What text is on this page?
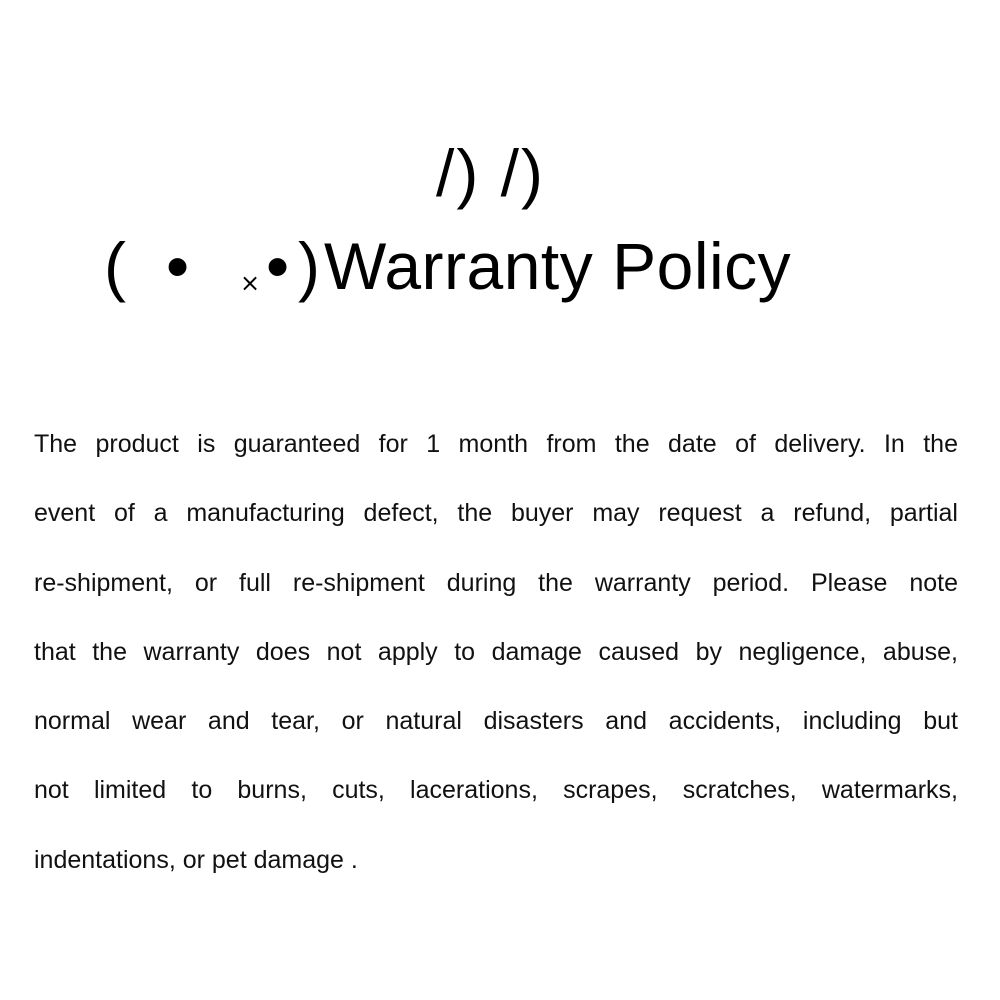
/) /)
( • × • ) Warranty Policy

The product is guaranteed for 1 month from the date of delivery. In the
event of a manufacturing defect, the buyer may request a refund, partial
re-shipment, or full re-shipment during the warranty period. Please note
that the warranty does not apply to damage caused by negligence, abuse,
normal wear and tear, or natural disasters and accidents, including but
not limited to burns, cuts, lacerations, scrapes, scratches, watermarks,
indentations, or pet damage .
